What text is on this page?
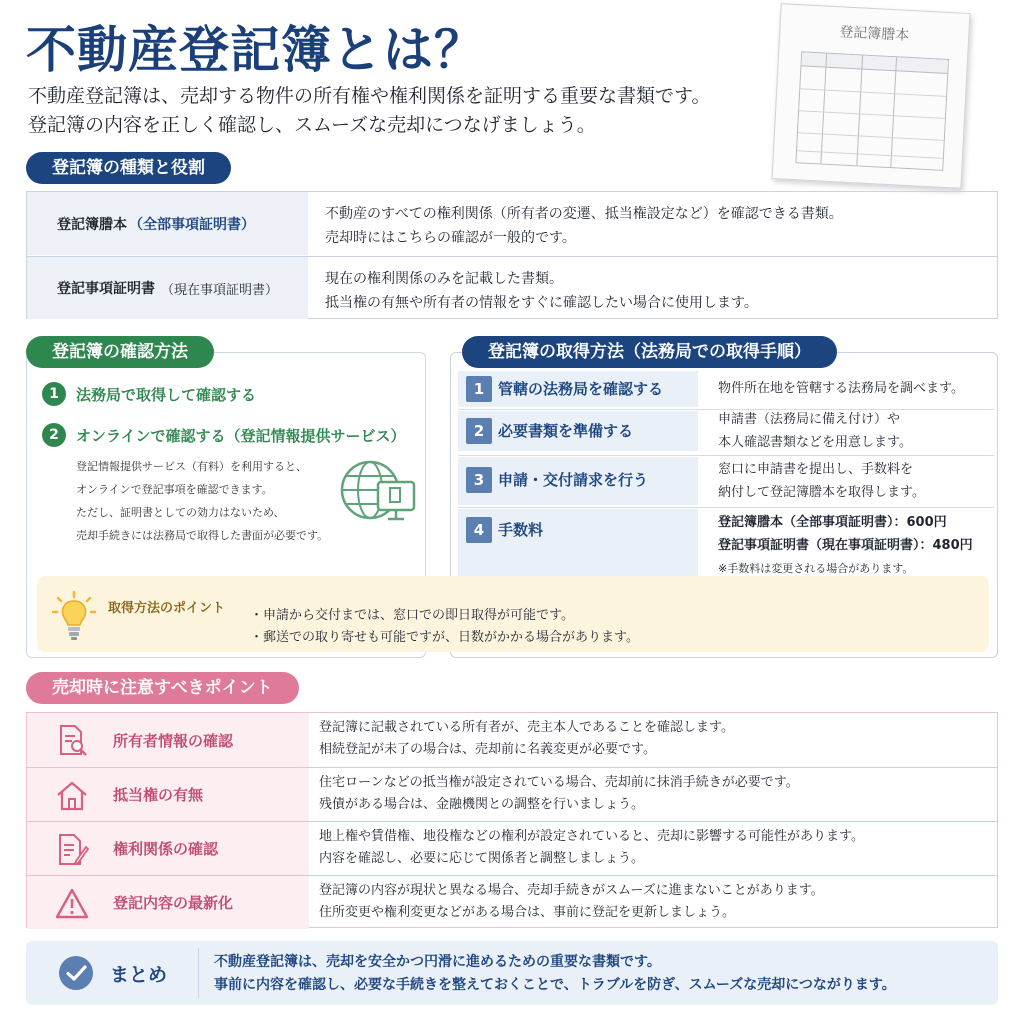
不動産登記簿とは？
不動産登記簿は、売却する物件の所有権や権利関係を証明する重要な書類です。
登記簿の内容を正しく確認し、スムーズな売却につなげましょう。
登記簿謄本
登記簿の種類と役割
登記簿謄本 （全部事項証明書）
不動産のすべての権利関係（所有者の変遷、抵当権設定など）を確認できる書類。
売却時にはこちらの確認が一般的です。
登記事項証明書 （現在事項証明書）
現在の権利関係のみを記載した書類。
抵当権の有無や所有者の情報をすぐに確認したい場合に使用します。
登記簿の確認方法
1	法務局で取得して確認する
2	オンラインで確認する（登記情報提供サービス）
登記情報提供サービス（有料）を利用すると、
オンラインで登記事項を確認できます。
ただし、証明書としての効力はないため、
売却手続きには法務局で取得した書面が必要です。
登記簿の取得方法（法務局での取得手順）
1 管轄の法務局を確認する	物件所在地を管轄する法務局を調べます。
2 必要書類を準備する
申請書（法務局に備え付け）や
本人確認書類などを用意します。
3 申請・交付請求を行う
窓口に申請書を提出し、手数料を
納付して登記簿謄本を取得します。
4 手数料	登記簿謄本（全部事項証明書）：600円
登記事項証明書（現在事項証明書）：480円
※手数料は変更される場合があります。
取得方法のポイント ・申請から交付までは、窓口での即日取得が可能です。
・郵送での取り寄せも可能ですが、日数がかかる場合があります。
売却時に注意すべきポイント
所有者情報の確認
登記簿に記載されている所有者が、売主本人であることを確認します。
相続登記が未了の場合は、売却前に名義変更が必要です。
抵当権の有無
住宅ローンなどの抵当権が設定されている場合、売却前に抹消手続きが必要です。
残債がある場合は、金融機関との調整を行いましょう。
権利関係の確認
地上権や賃借権、地役権などの権利が設定されていると、売却に影響する可能性があります。
内容を確認し、必要に応じて関係者と調整しましょう。
登記内容の最新化
登記簿の内容が現状と異なる場合、売却手続きがスムーズに進まないことがあります。
住所変更や権利変更などがある場合は、事前に登記を更新しましょう。
まとめ
不動産登記簿は、売却を安全かつ円滑に進めるための重要な書類です。
事前に内容を確認し、必要な手続きを整えておくことで、トラブルを防ぎ、スムーズな売却につながります。
